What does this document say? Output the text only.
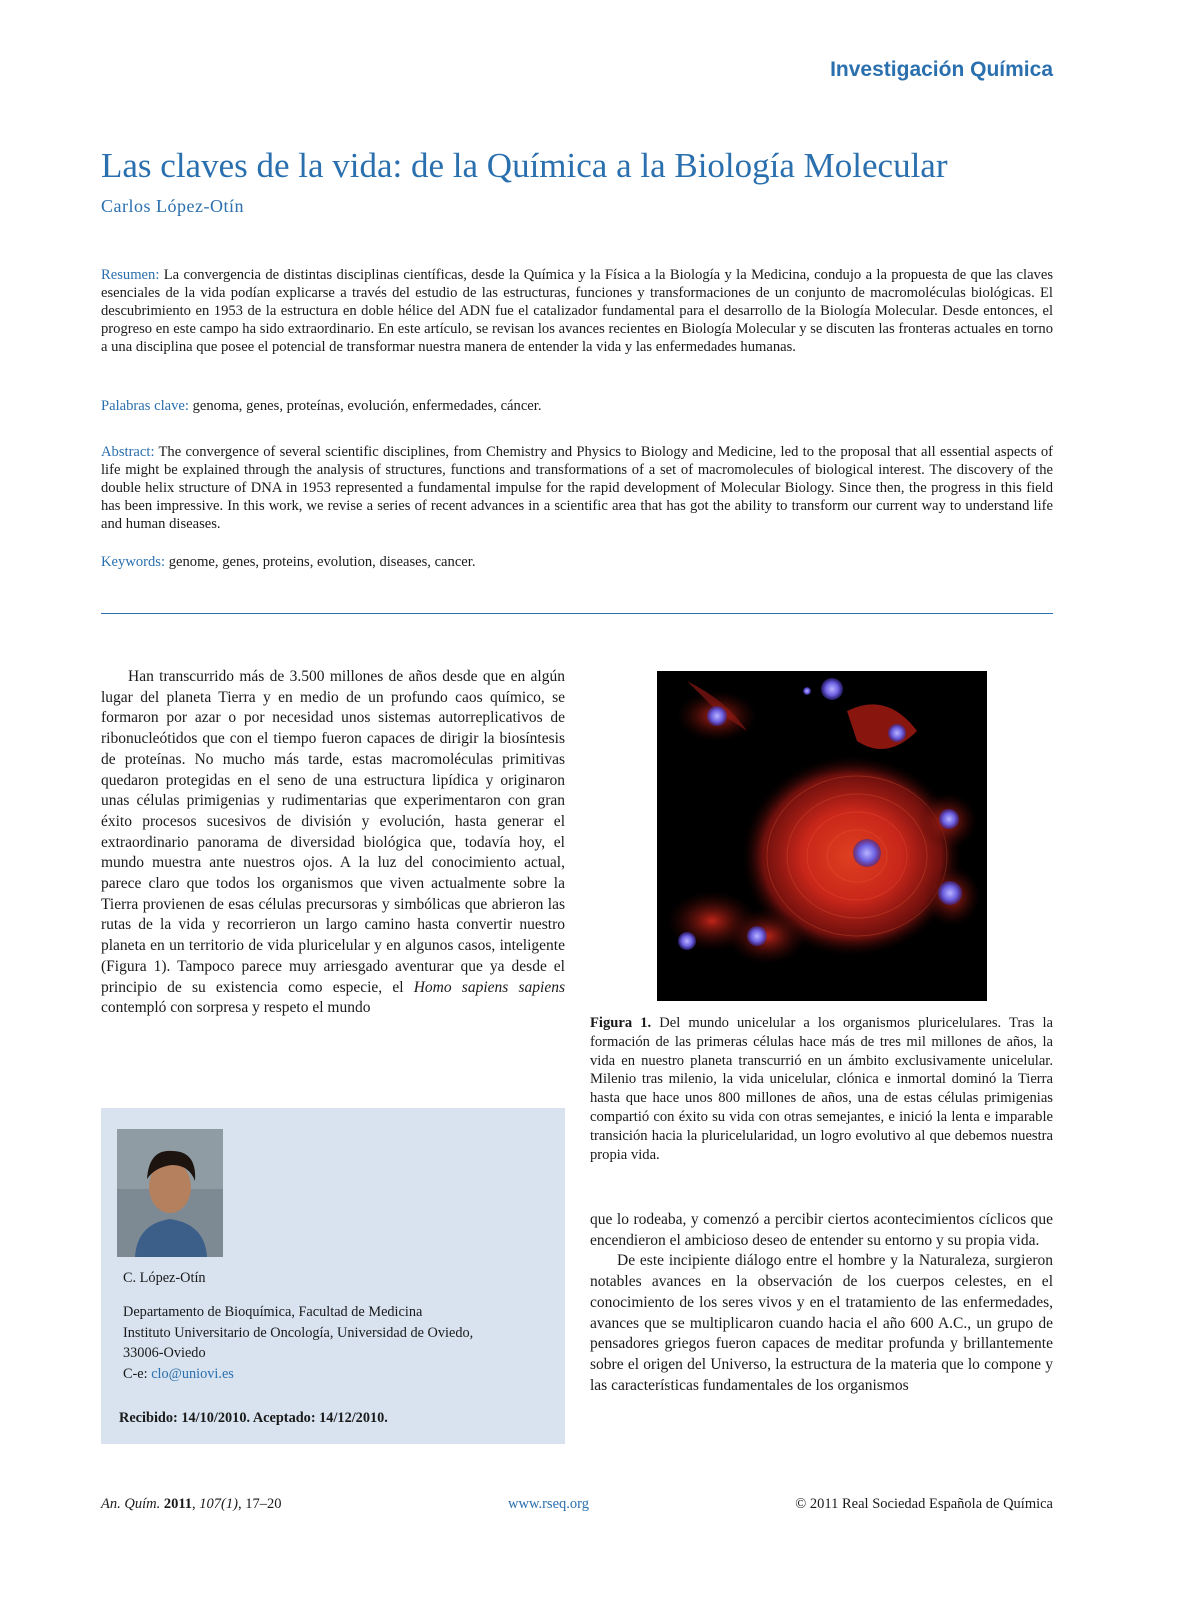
Investigación Química
Las claves de la vida: de la Química a la Biología Molecular
Carlos López-Otín

Resumen: La convergencia de distintas disciplinas científicas, desde la Química y la Física a la Biología y la Medicina, condujo a la propuesta de que las claves esenciales de la vida podían explicarse a través del estudio de las estructuras, funciones y transformaciones de un conjunto de macromoléculas biológicas. El descubrimiento en 1953 de la estructura en doble hélice del ADN fue el catalizador fundamental para el desarrollo de la Biología Molecular. Desde entonces, el progreso en este campo ha sido extraordinario. En este artículo, se revisan los avances recientes en Biología Molecular y se discuten las fronteras actuales en torno a una disciplina que posee el potencial de transformar nuestra manera de entender la vida y las enfermedades humanas.

Palabras clave: genoma, genes, proteínas, evolución, enfermedades, cáncer.

Abstract: The convergence of several scientific disciplines, from Chemistry and Physics to Biology and Medicine, led to the proposal that all essential aspects of life might be explained through the analysis of structures, functions and transformations of a set of macromolecules of biological interest. The discovery of the double helix structure of DNA in 1953 represented a fundamental impulse for the rapid development of Molecular Biology. Since then, the progress in this field has been impressive. In this work, we revise a series of recent advances in a scientific area that has got the ability to transform our current way to understand life and human diseases.

Keywords: genome, genes, proteins, evolution, diseases, cancer.

Han transcurrido más de 3.500 millones de años desde que en algún lugar del planeta Tierra y en medio de un profundo caos químico, se formaron por azar o por necesidad unos sistemas autorreplicativos de ribonucleótidos que con el tiempo fueron capaces de dirigir la biosíntesis de proteínas. No mucho más tarde, estas macromoléculas primitivas quedaron protegidas en el seno de una estructura lipídica y originaron unas células primigenias y rudimentarias que experimentaron con gran éxito procesos sucesivos de división y evolución, hasta generar el extraordinario panorama de diversidad biológica que, todavía hoy, el mundo muestra ante nuestros ojos. A la luz del conocimiento actual, parece claro que todos los organismos que viven actualmente sobre la Tierra provienen de esas células precursoras y simbólicas que abrieron las rutas de la vida y recorrieron un largo camino hasta convertir nuestro planeta en un territorio de vida pluricelular y en algunos casos, inteligente (Figura 1). Tampoco parece muy arriesgado aventurar que ya desde el principio de su existencia como especie, el Homo sapiens sapiens contempló con sorpresa y respeto el mundo

Figura 1. Del mundo unicelular a los organismos pluricelulares. Tras la formación de las primeras células hace más de tres mil millones de años, la vida en nuestro planeta transcurrió en un ámbito exclusivamente unicelular. Milenio tras milenio, la vida unicelular, clónica e inmortal dominó la Tierra hasta que hace unos 800 millones de años, una de estas células primigenias compartió con éxito su vida con otras semejantes, e inició la lenta e imparable transición hacia la pluricelularidad, un logro evolutivo al que debemos nuestra propia vida.

C. López-Otín

Departamento de Bioquímica, Facultad de Medicina
Instituto Universitario de Oncología, Universidad de Oviedo,
33006-Oviedo
C-e: clo@uniovi.es

Recibido: 14/10/2010. Aceptado: 14/12/2010.

que lo rodeaba, y comenzó a percibir ciertos acontecimientos cíclicos que encendieron el ambicioso deseo de entender su entorno y su propia vida.

De este incipiente diálogo entre el hombre y la Naturaleza, surgieron notables avances en la observación de los cuerpos celestes, en el conocimiento de los seres vivos y en el tratamiento de las enfermedades, avances que se multiplicaron cuando hacia el año 600 A.C., un grupo de pensadores griegos fueron capaces de meditar profunda y brillantemente sobre el origen del Universo, la estructura de la materia que lo compone y las características fundamentales de los organismos

An. Quím. 2011, 107(1), 17–20	www.rseq.org	© 2011 Real Sociedad Española de Química
